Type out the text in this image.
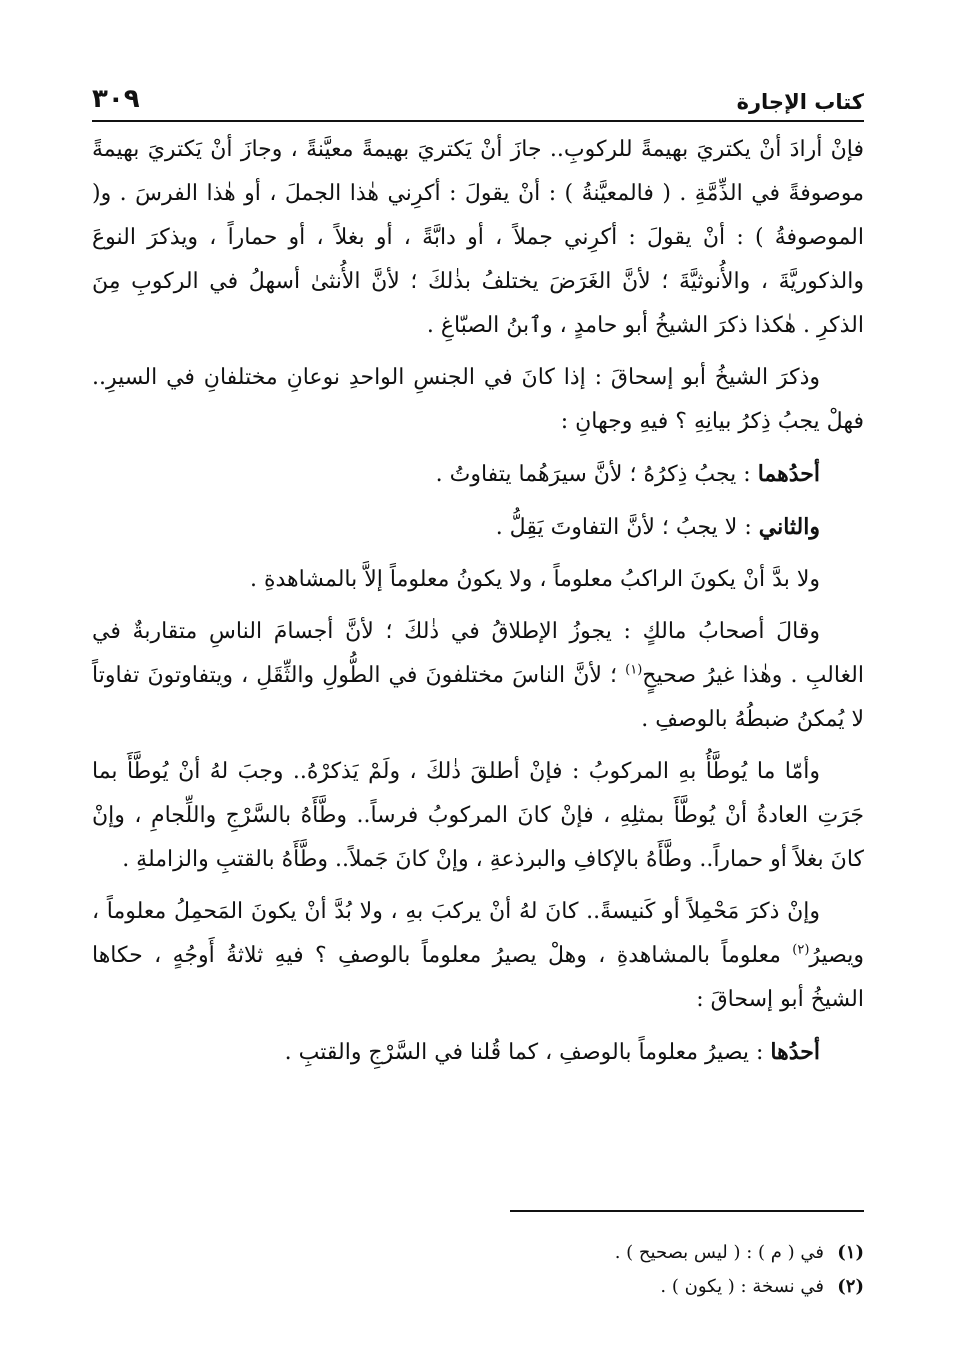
كتاب الإجارة
٣٠٩

فإنْ أرادَ أنْ يكتريَ بهيمةً للركوبِ.. جازَ أنْ يَكتريَ بهيمةً معيَّنةً ، وجازَ أنْ يَكتريَ بهيمةً موصوفةً في الذِّمَّةِ . ( فالمعيَّنةُ ) : أنْ يقولَ : أكرِني هٰذا الجملَ ، أو هٰذا الفرسَ . و( الموصوفةُ ) : أنْ يقولَ : أكرِني جملاً ، أو دابَّةً ، أو بغلاً ، أو حماراً ، ويذكرَ النوعَ والذكوريَّةَ ، والأُنوثيَّةَ ؛ لأنَّ الغَرَضَ يختلفُ بذٰلكَ ؛ لأنَّ الأُنثىٰ أسهلُ في الركوبِ مِنَ الذكرِ . هٰكذا ذكرَ الشيخُ أبو حامدٍ ، وٱبنُ الصبّاغِ .

وذكرَ الشيخُ أبو إسحاقَ : إذا كانَ في الجنسِ الواحدِ نوعانِ مختلفانِ في السيرِ.. فهلْ يجبُ ذِكرُ بيانِهِ ؟ فيهِ وجهانِ :

أحدُهما : يجبُ ذِكرُهُ ؛ لأنَّ سيرَهُما يتفاوتُ .

والثاني : لا يجبُ ؛ لأنَّ التفاوتَ يَقِلُّ .

ولا بدَّ أنْ يكونَ الراكبُ معلوماً ، ولا يكونُ معلوماً إلاَّ بالمشاهدةِ .

وقالَ أصحابُ مالكٍ : يجوزُ الإطلاقُ في ذٰلكَ ؛ لأنَّ أجسامَ الناسِ متقاربةٌ في الغالبِ . وهٰذا غيرُ صحيحٍ$^{(١)}$ ؛ لأنَّ الناسَ مختلفونَ في الطُّولِ والثِّقَلِ ، ويتفاوتونَ تفاوتاً لا يُمكنُ ضبطُهُ بالوصفِ .

وأمّا ما يُوطَّأُ بهِ المركوبُ : فإنْ أطلقَ ذٰلكَ ، ولَمْ يَذكرْهُ.. وجبَ لهُ أنْ يُوطَّأَ بما جَرَتِ العادةُ أنْ يُوطَّأَ بمثلِهِ ، فإنْ كانَ المركوبُ فرساً.. وطَّأَهُ بالسَّرْجِ واللِّجامِ ، وإنْ كانَ بغلاً أو حماراً.. وطَّأَهُ بالإكافِ والبرذعةِ ، وإنْ كانَ جَملاً.. وطَّأَهُ بالقتبِ والزاملةِ .

وإنْ ذكرَ مَحْمِلاً أو كَنيسةً.. كانَ لهُ أنْ يركبَ بهِ ، ولا بُدَّ أنْ يكونَ المَحمِلُ معلوماً ، ويصيرُ$^{(٢)}$ معلوماً بالمشاهدةِ ، وهلْ يصيرُ معلوماً بالوصفِ ؟ فيهِ ثلاثةُ أَوجُهٍ ، حكاها الشيخُ أبو إسحاقَ :

أحدُها : يصيرُ معلوماً بالوصفِ ، كما قُلنا في السَّرْجِ والقتبِ .

(١)في ( م ) : ( ليس بصحيح ) .

(٢)في نسخة : ( يكون ) .
